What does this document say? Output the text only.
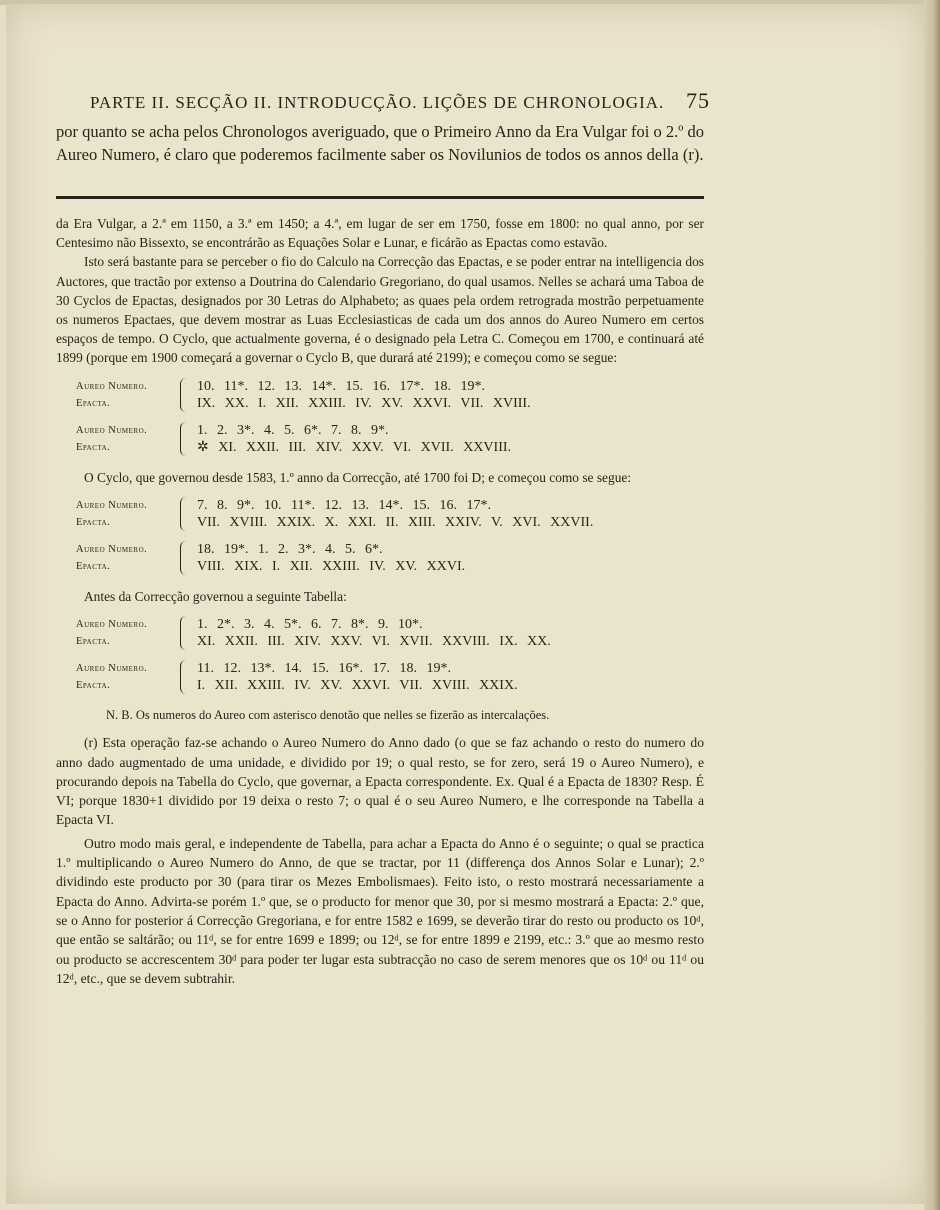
PARTE II. SECÇÃO II. INTRODUCÇÃO. LIÇÕES DE CHRONOLOGIA. 75
por quanto se acha pelos Chronologos averiguado, que o Primeiro Anno da Era Vulgar foi o 2.º do Aureo Numero, é claro que poderemos facilmente saber os Novilunios de todos os annos della (r).

da Era Vulgar, a 2.ª em 1150, a 3.ª em 1450; a 4.ª, em lugar de ser em 1750, fosse em 1800: no qual anno, por ser Centesimo não Bissexto, se encontrárão as Equações Solar e Lunar, e ficárão as Epactas como estavão.

Isto será bastante para se perceber o fio do Calculo na Correcção das Epactas, e se poder entrar na intelligencia dos Auctores, que tractão por extenso a Doutrina do Calendario Gregoriano, do qual usamos. Nelles se achará uma Taboa de 30 Cyclos de Epactas, designados por 30 Letras do Alphabeto; as quaes pela ordem retrograda mostrão perpetuamente os numeros Epactaes, que devem mostrar as Luas Ecclesiasticas de cada um dos annos do Aureo Numero em certos espaços de tempo. O Cyclo, que actualmente governa, é o designado pela Letra C. Começou em 1700, e continuará até 1899 (porque em 1900 começará a governar o Cyclo B, que durará até 2199); e começou como se segue:

Aureo Numero.
Epacta.
10. 11*. 12. 13. 14*. 15. 16. 17*. 18. 19*.
IX. XX. I. XII. XXIII. IV. XV. XXVI. VII. XVIII.
Aureo Numero.
Epacta.
1. 2. 3*. 4. 5. 6*. 7. 8. 9*.
✲ XI. XXII. III. XIV. XXV. VI. XVII. XXVIII.

O Cyclo, que governou desde 1583, 1.º anno da Correcção, até 1700 foi D; e começou como se segue:

Aureo Numero.
Epacta.
7. 8. 9*. 10. 11*. 12. 13. 14*. 15. 16. 17*.
VII. XVIII. XXIX. X. XXI. II. XIII. XXIV. V. XVI. XXVII.
Aureo Numero.
Epacta.
18. 19*. 1. 2. 3*. 4. 5. 6*.
VIII. XIX. I. XII. XXIII. IV. XV. XXVI.

Antes da Correcção governou a seguinte Tabella:

Aureo Numero.
Epacta.
1. 2*. 3. 4. 5*. 6. 7. 8*. 9. 10*.
XI. XXII. III. XIV. XXV. VI. XVII. XXVIII. IX. XX.
Aureo Numero.
Epacta.
11. 12. 13*. 14. 15. 16*. 17. 18. 19*.
I. XII. XXIII. IV. XV. XXVI. VII. XVIII. XXIX.
N. B. Os numeros do Aureo com asterisco denotão que nelles se fizerão as intercalações.

(r) Esta operação faz-se achando o Aureo Numero do Anno dado (o que se faz achando o resto do numero do anno dado augmentado de uma unidade, e dividido por 19; o qual resto, se for zero, será 19 o Aureo Numero), e procurando depois na Tabella do Cyclo, que governar, a Epacta correspondente. Ex. Qual é a Epacta de 1830? Resp. É VI; porque 1830+1 dividido por 19 deixa o resto 7; o qual é o seu Aureo Numero, e lhe corresponde na Tabella a Epacta VI.

Outro modo mais geral, e independente de Tabella, para achar a Epacta do Anno é o seguinte; o qual se practica 1.º multiplicando o Aureo Numero do Anno, de que se tractar, por 11 (differença dos Annos Solar e Lunar); 2.º dividindo este producto por 30 (para tirar os Mezes Embolismaes). Feito isto, o resto mostrará necessariamente a Epacta do Anno. Advirta-se porém 1.º que, se o producto for menor que 30, por si mesmo mostrará a Epacta: 2.º que, se o Anno for posterior á Correcção Gregoriana, e for entre 1582 e 1699, se deverão tirar do resto ou producto os 10ᵈ, que então se saltárão; ou 11ᵈ, se for entre 1699 e 1899; ou 12ᵈ, se for entre 1899 e 2199, etc.: 3.º que ao mesmo resto ou producto se accrescentem 30ᵈ para poder ter lugar esta subtracção no caso de serem menores que os 10ᵈ ou 11ᵈ ou 12ᵈ, etc., que se devem subtrahir.
